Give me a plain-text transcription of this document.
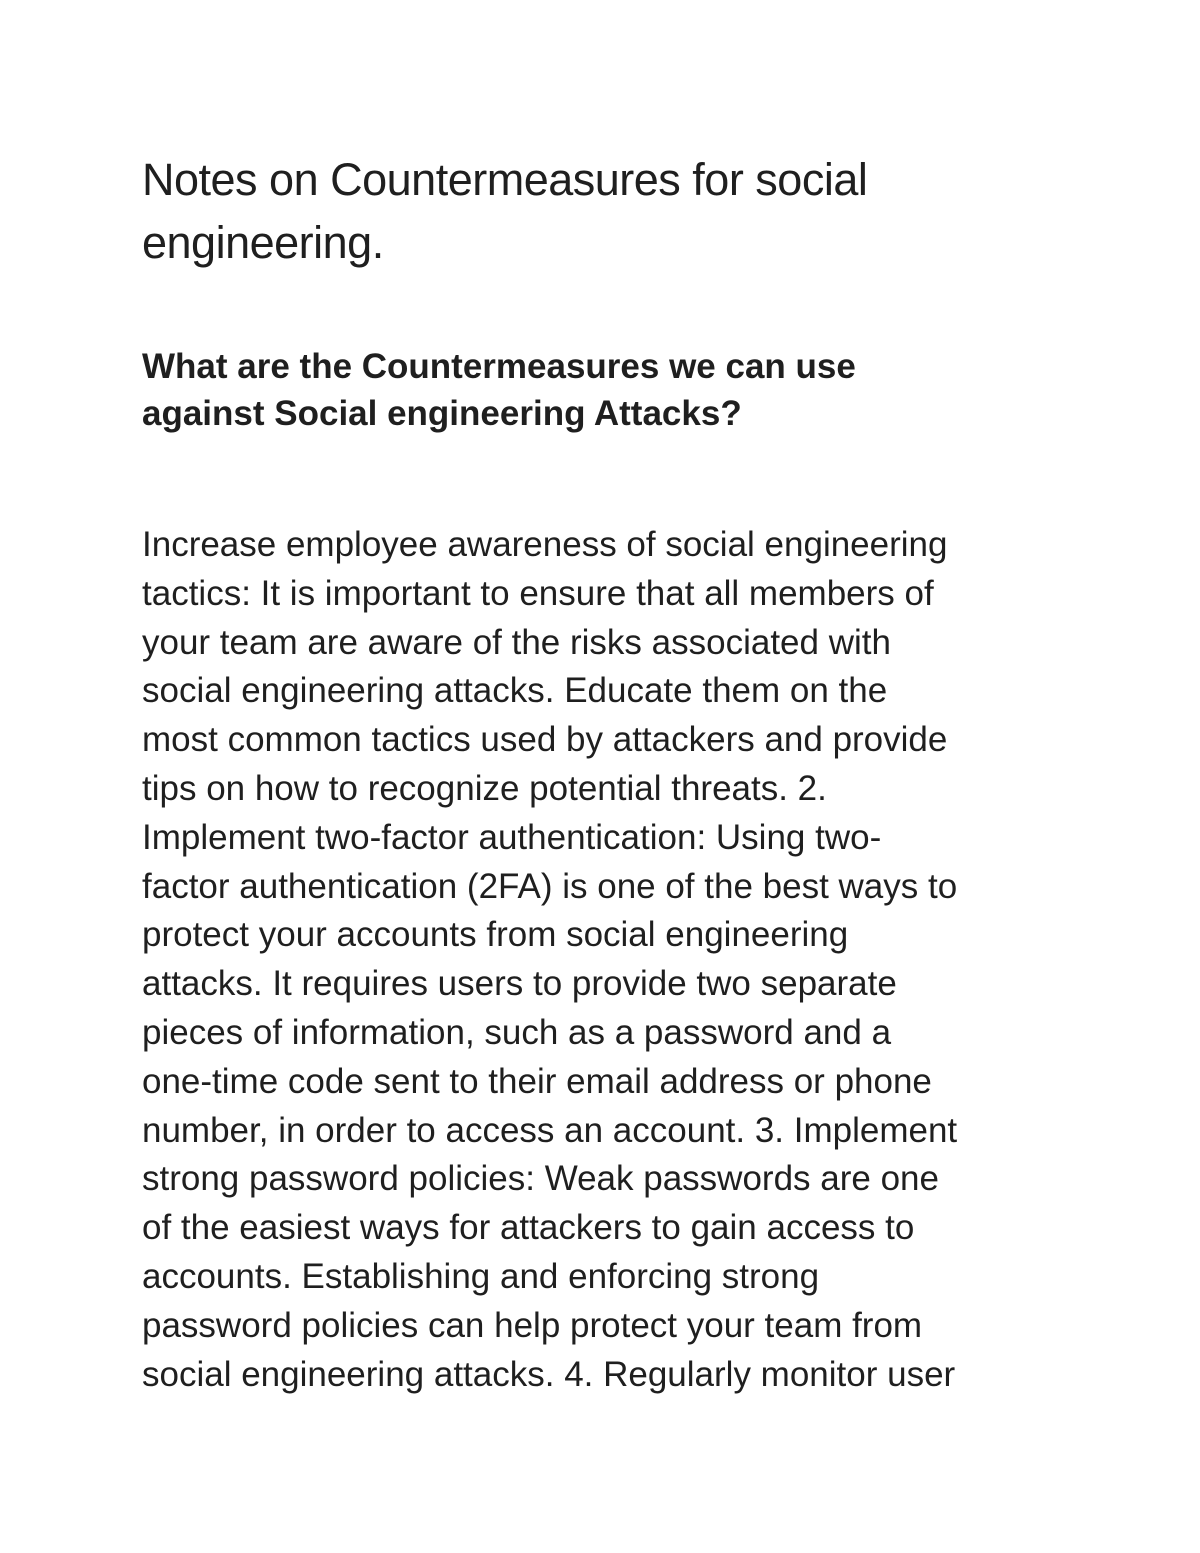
Notes on Countermeasures for social
engineering.
What are the Countermeasures we can use
against Social engineering Attacks?
Increase employee awareness of social engineering
tactics: It is important to ensure that all members of
your team are aware of the risks associated with
social engineering attacks. Educate them on the
most common tactics used by attackers and provide
tips on how to recognize potential threats. 2.
Implement two-factor authentication: Using two-
factor authentication (2FA) is one of the best ways to
protect your accounts from social engineering
attacks. It requires users to provide two separate
pieces of information, such as a password and a
one-time code sent to their email address or phone
number, in order to access an account. 3. Implement
strong password policies: Weak passwords are one
of the easiest ways for attackers to gain access to
accounts. Establishing and enforcing strong
password policies can help protect your team from
social engineering attacks. 4. Regularly monitor user
